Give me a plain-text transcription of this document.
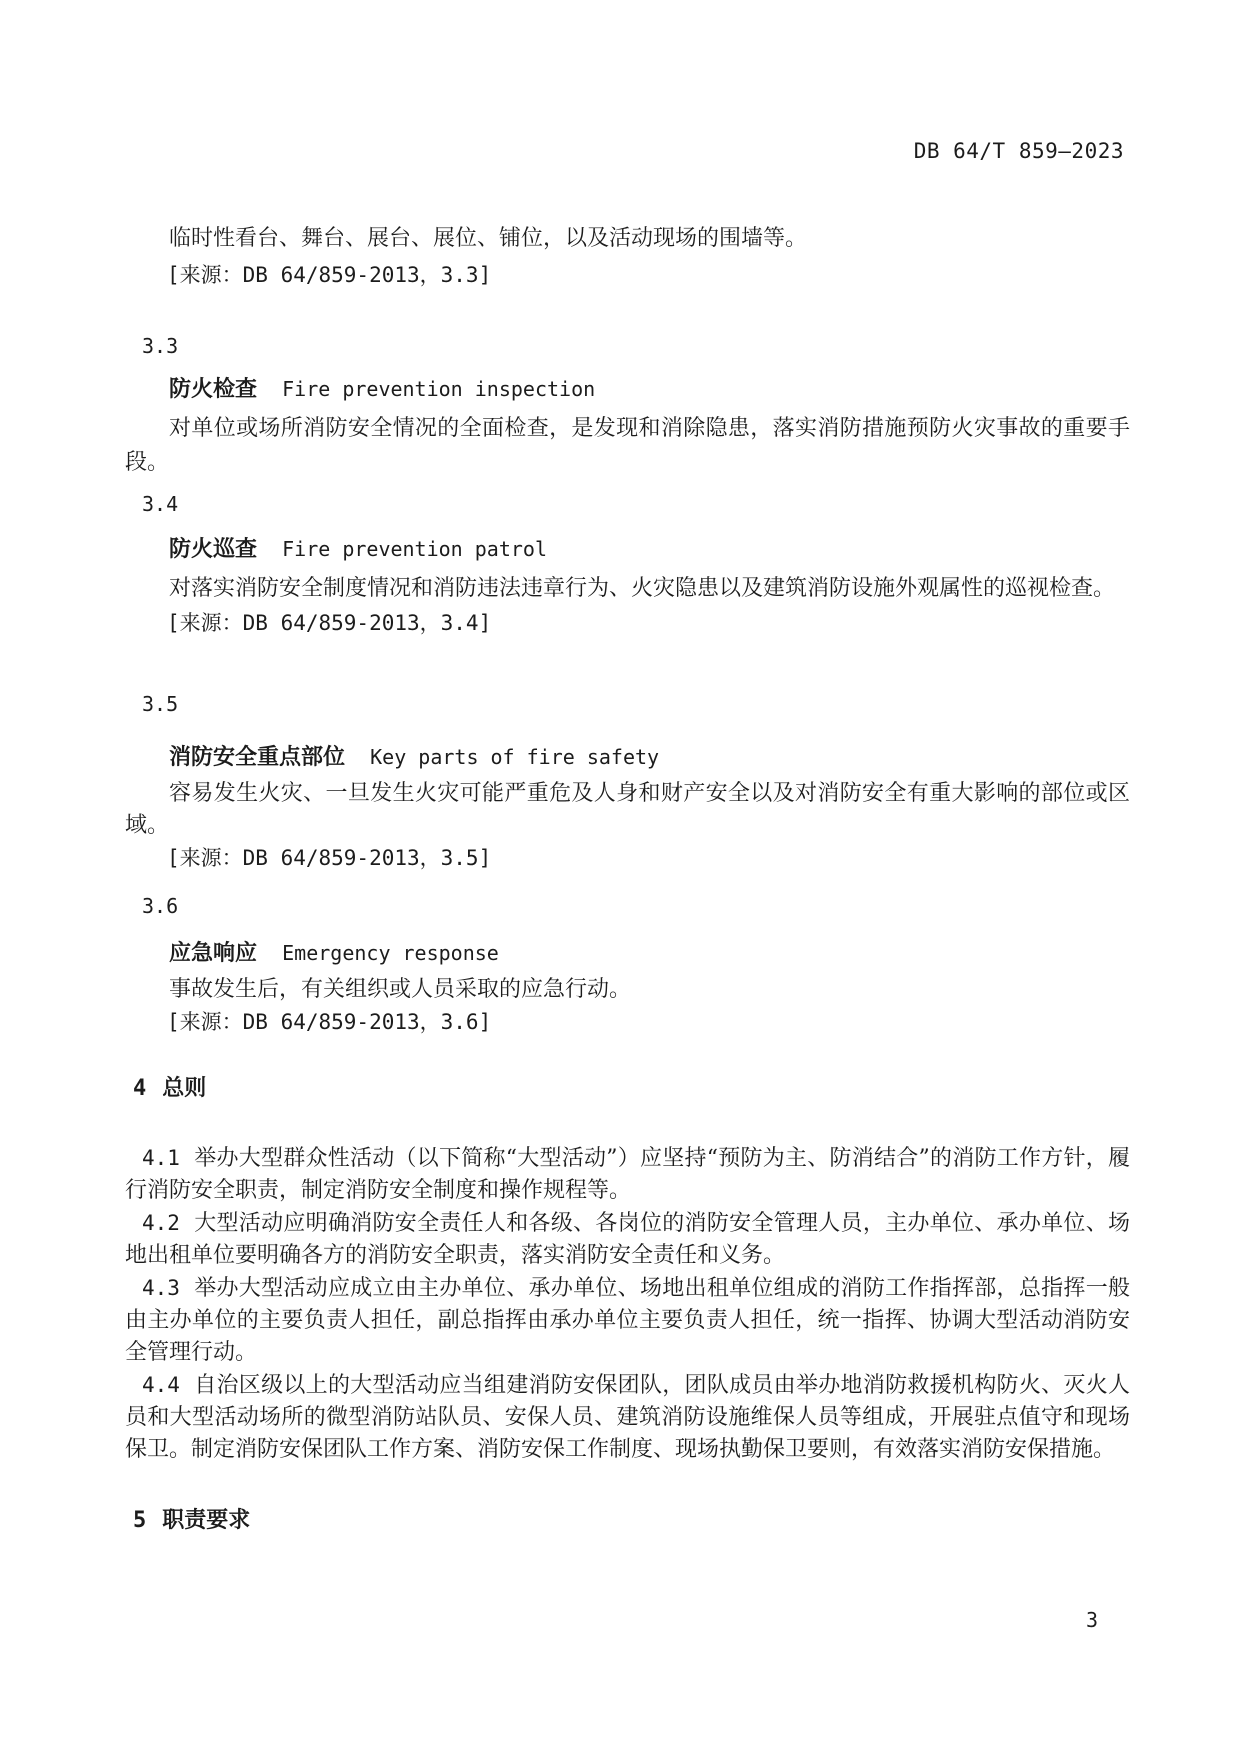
DB 64/T 859—2023

临时性看台、舞台、展台、展位、铺位，以及活动现场的围墙等。

[来源：DB 64/859-2013，3.3]

3.3

防火检查 Fire prevention inspection

对单位或场所消防安全情况的全面检查，是发现和消除隐患，落实消防措施预防火灾事故的重要手段。

3.4

防火巡查 Fire prevention patrol

对落实消防安全制度情况和消防违法违章行为、火灾隐患以及建筑消防设施外观属性的巡视检查。

[来源：DB 64/859-2013，3.4]

3.5

消防安全重点部位 Key parts of fire safety

容易发生火灾、一旦发生火灾可能严重危及人身和财产安全以及对消防安全有重大影响的部位或区域。

[来源：DB 64/859-2013，3.5]

3.6

应急响应 Emergency response

事故发生后，有关组织或人员采取的应急行动。

[来源：DB 64/859-2013，3.6]

4 总则

4.1 举办大型群众性活动（以下简称“大型活动”）应坚持“预防为主、防消结合”的消防工作方针，履行消防安全职责，制定消防安全制度和操作规程等。

4.2 大型活动应明确消防安全责任人和各级、各岗位的消防安全管理人员，主办单位、承办单位、场地出租单位要明确各方的消防安全职责，落实消防安全责任和义务。

4.3 举办大型活动应成立由主办单位、承办单位、场地出租单位组成的消防工作指挥部，总指挥一般由主办单位的主要负责人担任，副总指挥由承办单位主要负责人担任，统一指挥、协调大型活动消防安全管理行动。

4.4 自治区级以上的大型活动应当组建消防安保团队，团队成员由举办地消防救援机构防火、灭火人员和大型活动场所的微型消防站队员、安保人员、建筑消防设施维保人员等组成，开展驻点值守和现场保卫。制定消防安保团队工作方案、消防安保工作制度、现场执勤保卫要则，有效落实消防安保措施。

5 职责要求
3
